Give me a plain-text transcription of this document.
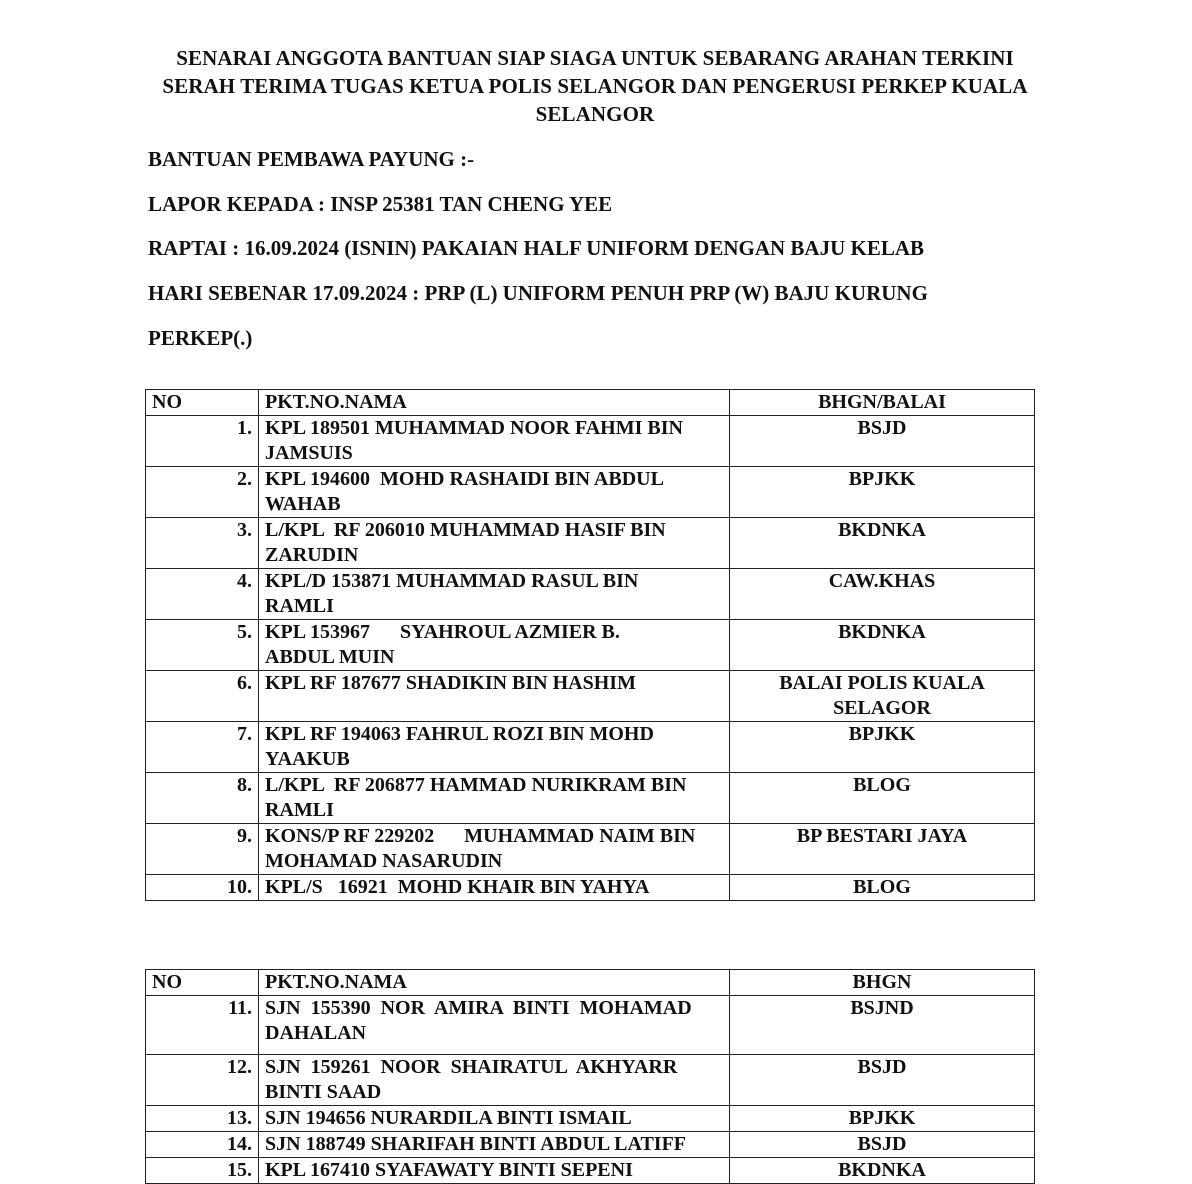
SENARAI ANGGOTA BANTUAN SIAP SIAGA UNTUK SEBARANG ARAHAN TERKINI
SERAH TERIMA TUGAS KETUA POLIS SELANGOR DAN PENGERUSI PERKEP KUALA
SELANGOR
BANTUAN PEMBAWA PAYUNG :-
LAPOR KEPADA : INSP 25381 TAN CHENG YEE
RAPTAI : 16.09.2024 (ISNIN) PAKAIAN HALF UNIFORM DENGAN BAJU KELAB
HARI SEBENAR 17.09.2024 : PRP (L) UNIFORM PENUH PRP (W) BAJU KURUNG
PERKEP(.)
NO	PKT.NO.NAMA	BHGN/BALAI

1.	KPL 189501 MUHAMMAD NOOR FAHMI BIN
JAMSUIS	BSJD

2.	KPL 194600  MOHD RASHAIDI BIN ABDUL
WAHAB	BPJKK

3.	L/KPL  RF 206010 MUHAMMAD HASIF BIN
ZARUDIN	BKDNKA

4.	KPL/D 153871 MUHAMMAD RASUL BIN
RAMLI	CAW.KHAS

5.	KPL 153967      SYAHROUL AZMIER B.
ABDUL MUIN	BKDNKA

6.	KPL RF 187677 SHADIKIN BIN HASHIM	BALAI POLIS KUALA
SELAGOR

7.	KPL RF 194063 FAHRUL ROZI BIN MOHD
YAAKUB	BPJKK

8.	L/KPL  RF 206877 HAMMAD NURIKRAM BIN
RAMLI	BLOG

9.	KONS/P RF 229202      MUHAMMAD NAIM BIN
MOHAMAD NASARUDIN	BP BESTARI JAYA

10.	KPL/S   16921  MOHD KHAIR BIN YAHYA	BLOG
NO	PKT.NO.NAMA	BHGN

11.	SJN  155390  NOR  AMIRA  BINTI  MOHAMAD
DAHALAN	BSJND

12.	SJN  159261  NOOR  SHAIRATUL  AKHYARR
BINTI SAAD	BSJD

13.	SJN 194656 NURARDILA BINTI ISMAIL	BPJKK

14.	SJN 188749 SHARIFAH BINTI ABDUL LATIFF	BSJD

15.	KPL 167410 SYAFAWATY BINTI SEPENI	BKDNKA
